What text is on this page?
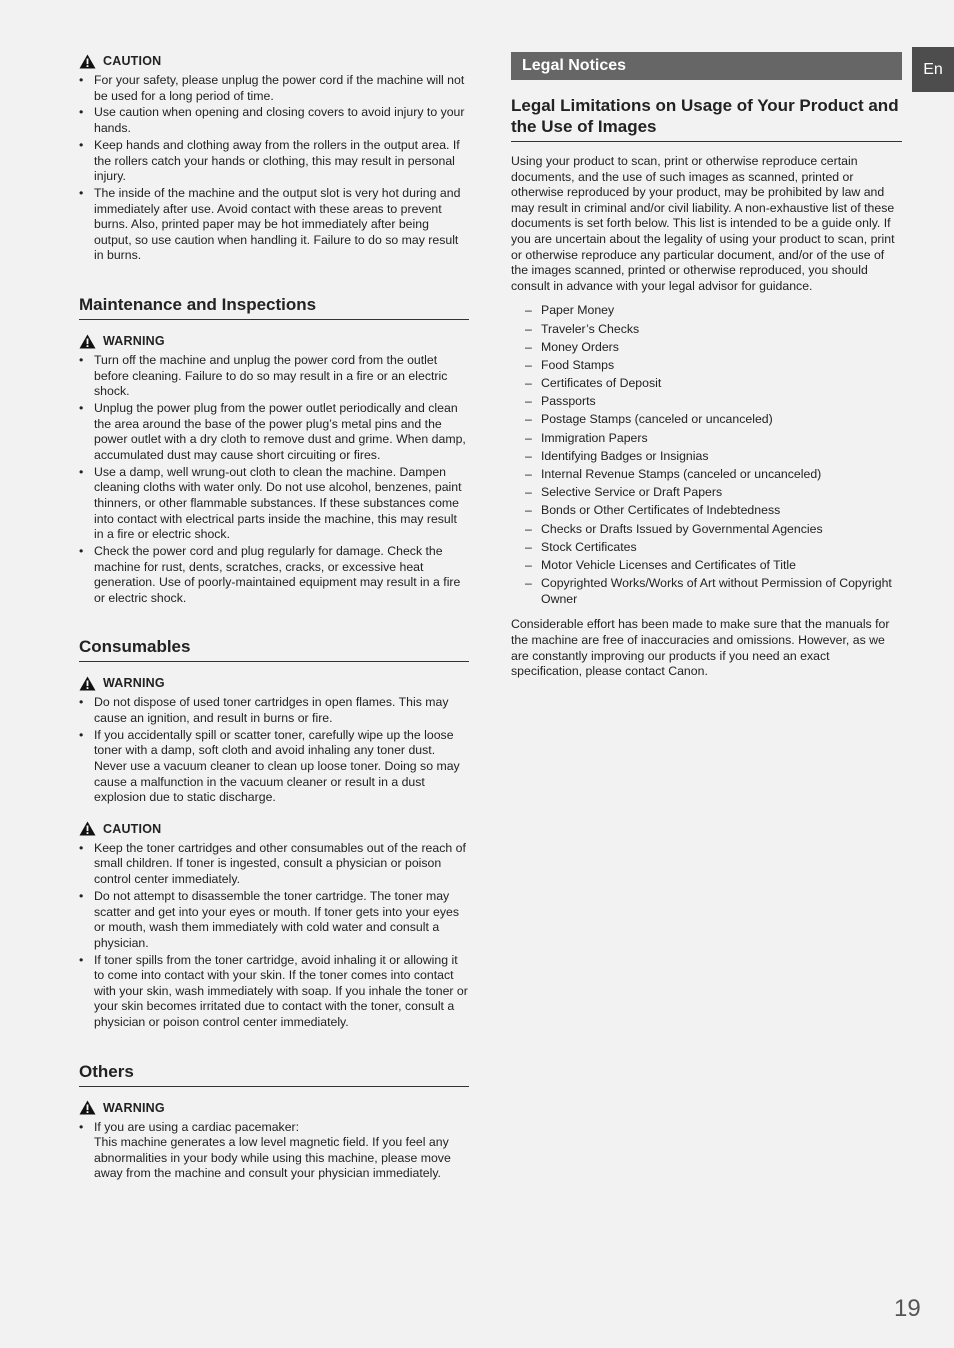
En
CAUTION
• For your safety, please unplug the power cord if the machine will not be used for a long period of time.
• Use caution when opening and closing covers to avoid injury to your hands.
• Keep hands and clothing away from the rollers in the output area. If the rollers catch your hands or clothing, this may result in personal injury.
• The inside of the machine and the output slot is very hot during and immediately after use. Avoid contact with these areas to prevent burns. Also, printed paper may be hot immediately after being output, so use caution when handling it. Failure to do so may result in burns.
Maintenance and Inspections
WARNING
• Turn off the machine and unplug the power cord from the outlet before cleaning. Failure to do so may result in a fire or an electric shock.
• Unplug the power plug from the power outlet periodically and clean the area around the base of the power plug’s metal pins and the power outlet with a dry cloth to remove dust and grime. When damp, accumulated dust may cause short circuiting or fires.
• Use a damp, well wrung-out cloth to clean the machine. Dampen cleaning cloths with water only. Do not use alcohol, benzenes, paint thinners, or other flammable substances. If these substances come into contact with electrical parts inside the machine, this may result in a fire or electric shock.
• Check the power cord and plug regularly for damage. Check the machine for rust, dents, scratches, cracks, or excessive heat generation. Use of poorly-maintained equipment may result in a fire or electric shock.
Consumables
WARNING
• Do not dispose of used toner cartridges in open flames. This may cause an ignition, and result in burns or fire.
• If you accidentally spill or scatter toner, carefully wipe up the loose toner with a damp, soft cloth and avoid inhaling any toner dust. Never use a vacuum cleaner to clean up loose toner. Doing so may cause a malfunction in the vacuum cleaner or result in a dust explosion due to static discharge.
CAUTION
• Keep the toner cartridges and other consumables out of the reach of small children. If toner is ingested, consult a physician or poison control center immediately.
• Do not attempt to disassemble the toner cartridge. The toner may scatter and get into your eyes or mouth. If toner gets into your eyes or mouth, wash them immediately with cold water and consult a physician.
• If toner spills from the toner cartridge, avoid inhaling it or allowing it to come into contact with your skin. If the toner comes into contact with your skin, wash immediately with soap. If you inhale the toner or your skin becomes irritated due to contact with the toner, consult a physician or poison control center immediately.
Others
WARNING
• If you are using a cardiac pacemaker:
This machine generates a low level magnetic field. If you feel any abnormalities in your body while using this machine, please move away from the machine and consult your physician immediately.
Legal Notices
Legal Limitations on Usage of Your Product and the Use of Images

Using your product to scan, print or otherwise reproduce certain documents, and the use of such images as scanned, printed or otherwise reproduced by your product, may be prohibited by law and may result in criminal and/or civil liability. A non-exhaustive list of these documents is set forth below. This list is intended to be a guide only. If you are uncertain about the legality of using your product to scan, print or otherwise reproduce any particular document, and/or of the use of the images scanned, printed or otherwise reproduced, you should consult in advance with your legal advisor for guidance.

– Paper Money
– Traveler’s Checks
– Money Orders
– Food Stamps
– Certificates of Deposit
– Passports
– Postage Stamps (canceled or uncanceled)
– Immigration Papers
– Identifying Badges or Insignias
– Internal Revenue Stamps (canceled or uncanceled)
– Selective Service or Draft Papers
– Bonds or Other Certificates of Indebtedness
– Checks or Drafts Issued by Governmental Agencies
– Stock Certificates
– Motor Vehicle Licenses and Certificates of Title
– Copyrighted Works/Works of Art without Permission of Copyright Owner

Considerable effort has been made to make sure that the manuals for the machine are free of inaccuracies and omissions. However, as we are constantly improving our products if you need an exact specification, please contact Canon.

19
